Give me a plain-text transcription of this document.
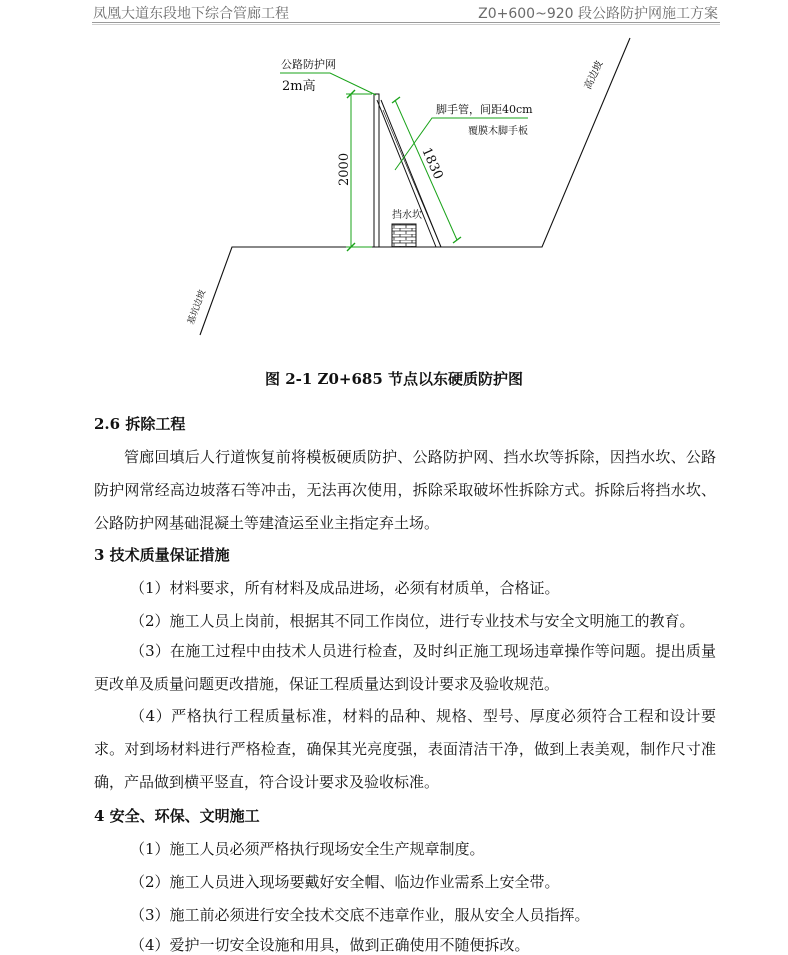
凤凰大道东段地下综合管廊工程	Z0+600~920 段公路防护网施工方案
公路防护网
2m高
脚手管，间距40cm
覆膜木脚手板
2000	1830
挡水坎
高边坡
基坑边坡
图 2-1 Z0+685 节点以东硬质防护图
2.6 拆除工程

管廊回填后人行道恢复前将模板硬质防护、公路防护网、挡水坎等拆除，因挡水坎、公路防护网常经高边坡落石等冲击，无法再次使用，拆除采取破坏性拆除方式。拆除后将挡水坎、公路防护网基础混凝土等建渣运至业主指定弃土场。

3 技术质量保证措施
（1）材料要求，所有材料及成品进场，必须有材质单，合格证。
（2）施工人员上岗前，根据其不同工作岗位，进行专业技术与安全文明施工的教育。

（3）在施工过程中由技术人员进行检查，及时纠正施工现场违章操作等问题。提出质量更改单及质量问题更改措施，保证工程质量达到设计要求及验收规范。

（4）严格执行工程质量标准，材料的品种、规格、型号、厚度必须符合工程和设计要求。对到场材料进行严格检查，确保其光亮度强，表面清洁干净，做到上表美观，制作尺寸准确，产品做到横平竖直，符合设计要求及验收标准。

4 安全、环保、文明施工
（1）施工人员必须严格执行现场安全生产规章制度。
（2）施工人员进入现场要戴好安全帽、临边作业需系上安全带。
（3）施工前必须进行安全技术交底不违章作业，服从安全人员指挥。
（4）爱护一切安全设施和用具，做到正确使用不随便拆改。
